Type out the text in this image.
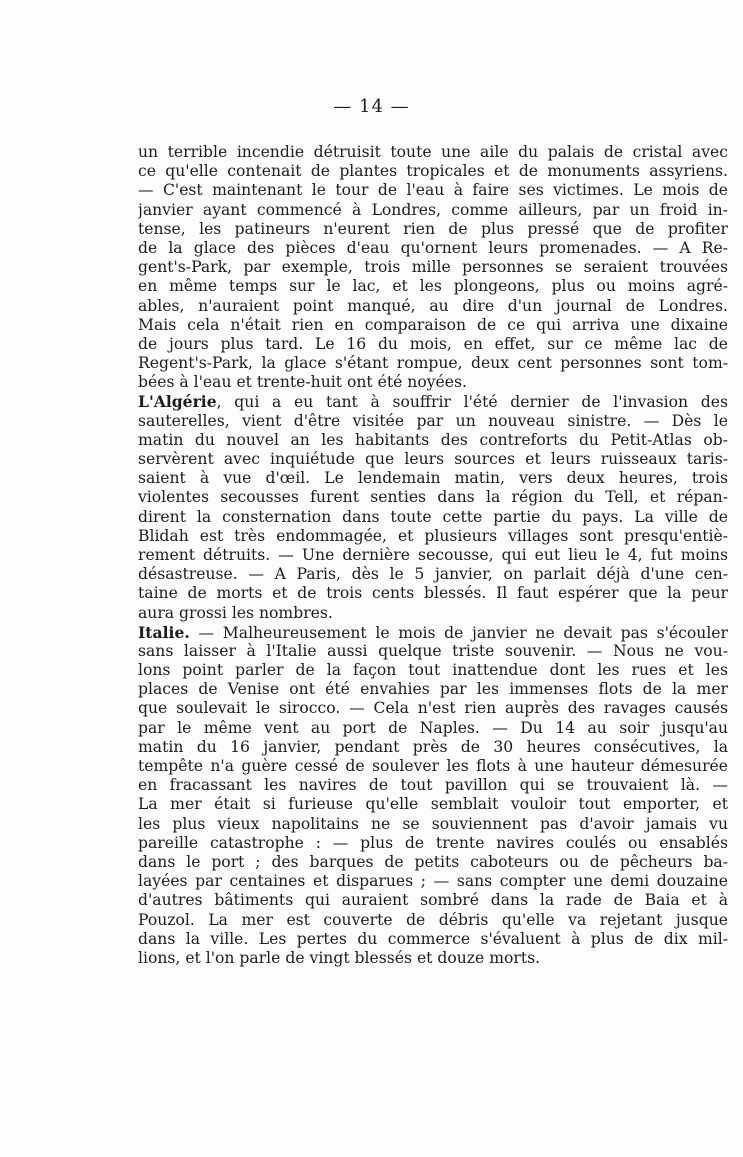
— 14 —
un terrible incendie détruisit toute une aile du palais de cristal avec
ce qu'elle contenait de plantes tropicales et de monuments assyriens.
— C'est maintenant le tour de l'eau à faire ses victimes. Le mois de
janvier ayant commencé à Londres, comme ailleurs, par un froid in-
tense, les patineurs n'eurent rien de plus pressé que de profiter
de la glace des pièces d'eau qu'ornent leurs promenades. — A Re-
gent's-Park, par exemple, trois mille personnes se seraient trouvées
en même temps sur le lac, et les plongeons, plus ou moins agré-
ables, n'auraient point manqué, au dire d'un journal de Londres.
Mais cela n'était rien en comparaison de ce qui arriva une dixaine
de jours plus tard. Le 16 du mois, en effet, sur ce même lac de
Regent's-Park, la glace s'étant rompue, deux cent personnes sont tom-
bées à l'eau et trente-huit ont été noyées.
L'Algérie, qui a eu tant à souffrir l'été dernier de l'invasion des
sauterelles, vient d'être visitée par un nouveau sinistre. — Dès le
matin du nouvel an les habitants des contreforts du Petit-Atlas ob-
servèrent avec inquiétude que leurs sources et leurs ruisseaux taris-
saient à vue d'œil. Le lendemain matin, vers deux heures, trois
violentes secousses furent senties dans la région du Tell, et répan-
dirent la consternation dans toute cette partie du pays. La ville de
Blidah est très endommagée, et plusieurs villages sont presqu'entiè-
rement détruits. — Une dernière secousse, qui eut lieu le 4, fut moins
désastreuse. — A Paris, dès le 5 janvier, on parlait déjà d'une cen-
taine de morts et de trois cents blessés. Il faut espérer que la peur
aura grossi les nombres.
Italie. — Malheureusement le mois de janvier ne devait pas s'écouler
sans laisser à l'Italie aussi quelque triste souvenir. — Nous ne vou-
lons point parler de la façon tout inattendue dont les rues et les
places de Venise ont été envahies par les immenses flots de la mer
que soulevait le sirocco. — Cela n'est rien auprès des ravages causés
par le même vent au port de Naples. — Du 14 au soir jusqu'au
matin du 16 janvier, pendant près de 30 heures consécutives, la
tempête n'a guère cessé de soulever les flots à une hauteur démesurée
en fracassant les navires de tout pavillon qui se trouvaient là. —
La mer était si furieuse qu'elle semblait vouloir tout emporter, et
les plus vieux napolitains ne se souviennent pas d'avoir jamais vu
pareille catastrophe : — plus de trente navires coulés ou ensablés
dans le port ; des barques de petits caboteurs ou de pêcheurs ba-
layées par centaines et disparues ; — sans compter une demi douzaine
d'autres bâtiments qui auraient sombré dans la rade de Baia et à
Pouzol. La mer est couverte de débris qu'elle va rejetant jusque
dans la ville. Les pertes du commerce s'évaluent à plus de dix mil-
lions, et l'on parle de vingt blessés et douze morts.
